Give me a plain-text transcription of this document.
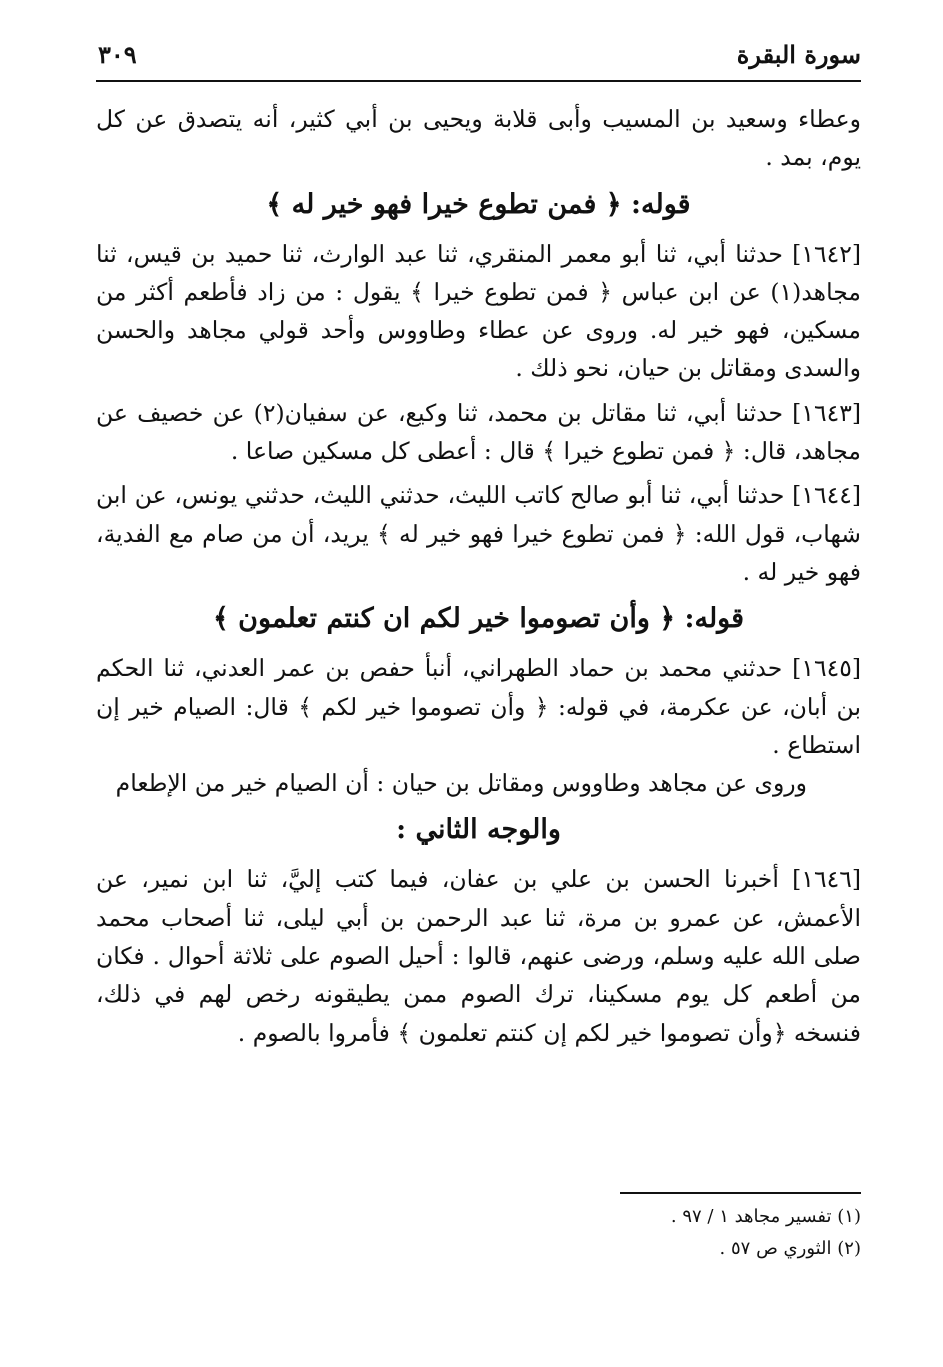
سورة البقرة
٣٠٩

وعطاء وسعيد بن المسيب وأبى قلابة ويحيى بن أبي كثير، أنه يتصدق عن كل يوم، بمد .

قوله: ﴿ فمن تطوع خيرا فهو خير له ﴾

[١٦٤٢] حدثنا أبي، ثنا أبو معمر المنقري، ثنا عبد الوارث، ثنا حميد بن قيس، ثنا مجاهد(١) عن ابن عباس ﴿ فمن تطوع خيرا ﴾ يقول : من زاد فأطعم أكثر من مسكين، فهو خير له. وروى عن عطاء وطاووس وأحد قولي مجاهد والحسن والسدى ومقاتل بن حيان، نحو ذلك .

[١٦٤٣] حدثنا أبي، ثنا مقاتل بن محمد، ثنا وكيع، عن سفيان(٢) عن خصيف عن مجاهد، قال: ﴿ فمن تطوع خيرا ﴾ قال : أعطى كل مسكين صاعا .

[١٦٤٤] حدثنا أبي، ثنا أبو صالح كاتب الليث، حدثني الليث، حدثني يونس، عن ابن شهاب، قول الله: ﴿ فمن تطوع خيرا فهو خير له ﴾ يريد، أن من صام مع الفدية، فهو خير له .

قوله: ﴿ وأن تصوموا خير لكم ان كنتم تعلمون ﴾

[١٦٤٥] حدثني محمد بن حماد الطهراني، أنبأ حفص بن عمر العدني، ثنا الحكم بن أبان، عن عكرمة، في قوله: ﴿ وأن تصوموا خير لكم ﴾ قال: الصيام خير إن استطاع .

وروى عن مجاهد وطاووس ومقاتل بن حيان : أن الصيام خير من الإطعام

والوجه الثاني :

[١٦٤٦] أخبرنا الحسن بن علي بن عفان، فيما كتب إليَّ، ثنا ابن نمير، عن الأعمش، عن عمرو بن مرة، ثنا عبد الرحمن بن أبي ليلى، ثنا أصحاب محمد صلى الله عليه وسلم، ورضى عنهم، قالوا : أحيل الصوم على ثلاثة أحوال . فكان من أطعم كل يوم مسكينا، ترك الصوم ممن يطيقونه رخص لهم في ذلك، فنسخه ﴿وأن تصوموا خير لكم إن كنتم تعلمون ﴾ فأمروا بالصوم .

(١) تفسير مجاهد ١ / ٩٧ .
(٢) الثوري ص ٥٧ .
